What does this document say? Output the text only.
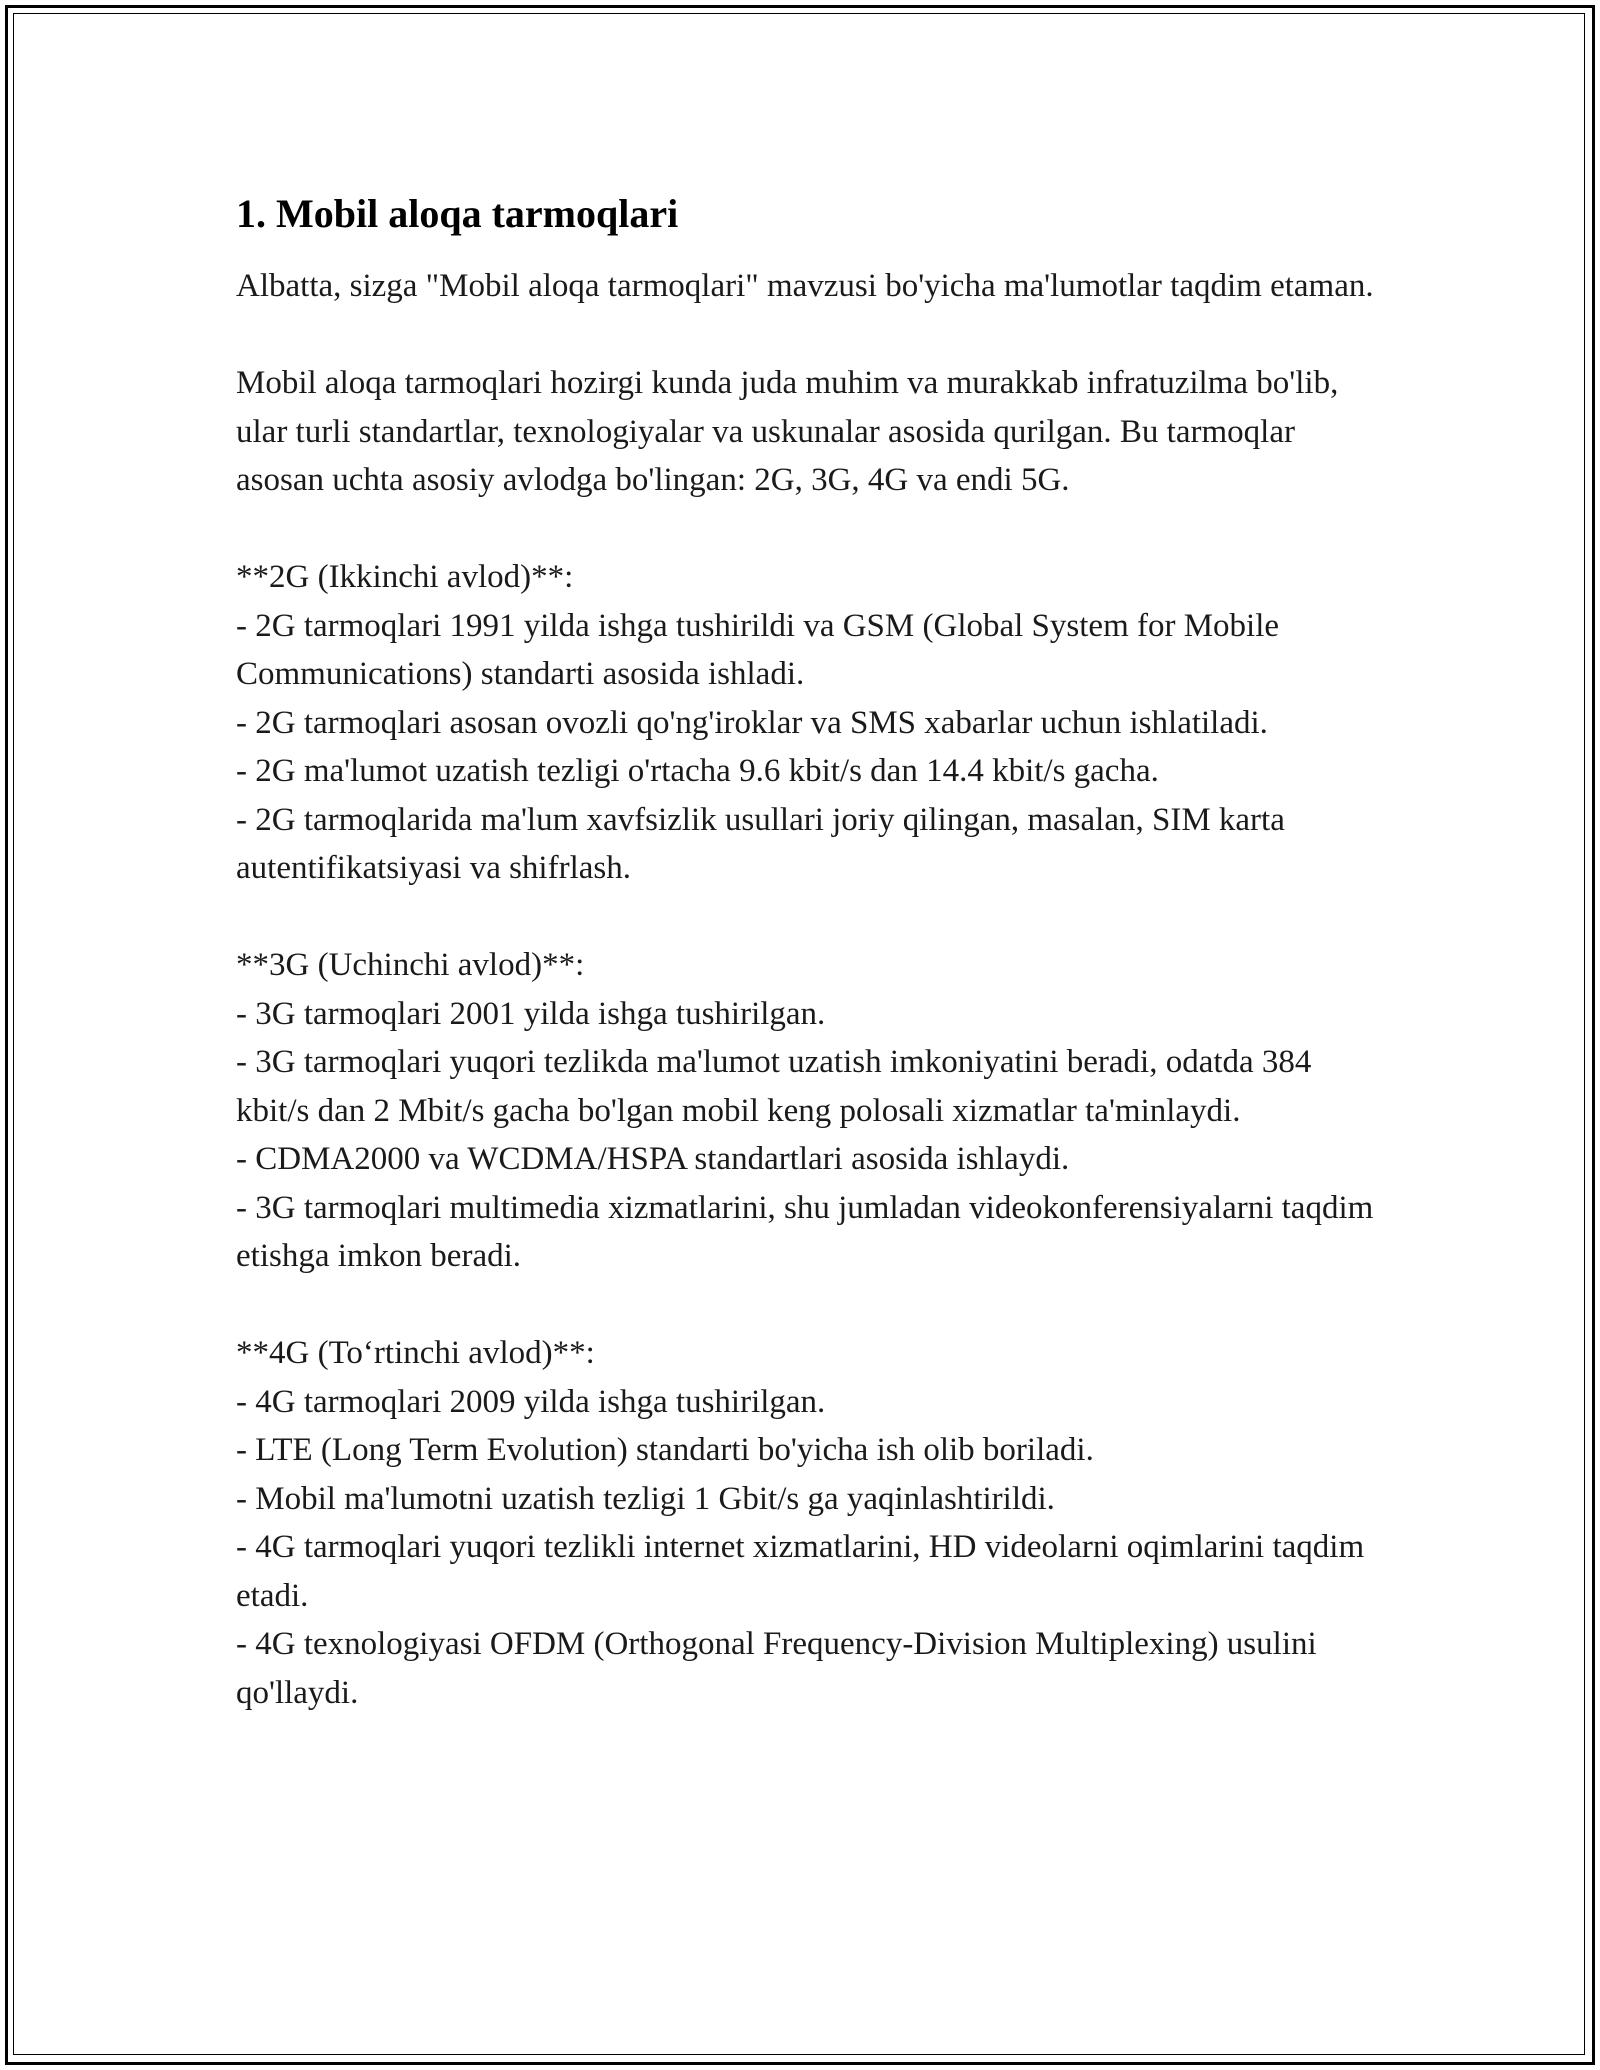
1. Mobil aloqa tarmoqlari

Albatta, sizga "Mobil aloqa tarmoqlari" mavzusi bo'yicha ma'lumotlar taqdim etaman.

Mobil aloqa tarmoqlari hozirgi kunda juda muhim va murakkab infratuzilma bo'lib, ular turli standartlar, texnologiyalar va uskunalar asosida qurilgan. Bu tarmoqlar asosan uchta asosiy avlodga bo'lingan: 2G, 3G, 4G va endi 5G.

**2G (Ikkinchi avlod)**:

- 2G tarmoqlari 1991 yilda ishga tushirildi va GSM (Global System for Mobile Communications) standarti asosida ishladi.

- 2G tarmoqlari asosan ovozli qo'ng'iroklar va SMS xabarlar uchun ishlatiladi.

- 2G ma'lumot uzatish tezligi o'rtacha 9.6 kbit/s dan 14.4 kbit/s gacha.

- 2G tarmoqlarida ma'lum xavfsizlik usullari joriy qilingan, masalan, SIM karta autentifikatsiyasi va shifrlash.

**3G (Uchinchi avlod)**:

- 3G tarmoqlari 2001 yilda ishga tushirilgan.

- 3G tarmoqlari yuqori tezlikda ma'lumot uzatish imkoniyatini beradi, odatda 384 kbit/s dan 2 Mbit/s gacha bo'lgan mobil keng polosali xizmatlar ta'minlaydi.

- CDMA2000 va WCDMA/HSPA standartlari asosida ishlaydi.

- 3G tarmoqlari multimedia xizmatlarini, shu jumladan videokonferensiyalarni taqdim etishga imkon beradi.

**4G (To‘rtinchi avlod)**:

- 4G tarmoqlari 2009 yilda ishga tushirilgan.

- LTE (Long Term Evolution) standarti bo'yicha ish olib boriladi.

- Mobil ma'lumotni uzatish tezligi 1 Gbit/s ga yaqinlashtirildi.

- 4G tarmoqlari yuqori tezlikli internet xizmatlarini, HD videolarni oqimlarini taqdim etadi.

- 4G texnologiyasi OFDM (Orthogonal Frequency-Division Multiplexing) usulini qo'llaydi.
